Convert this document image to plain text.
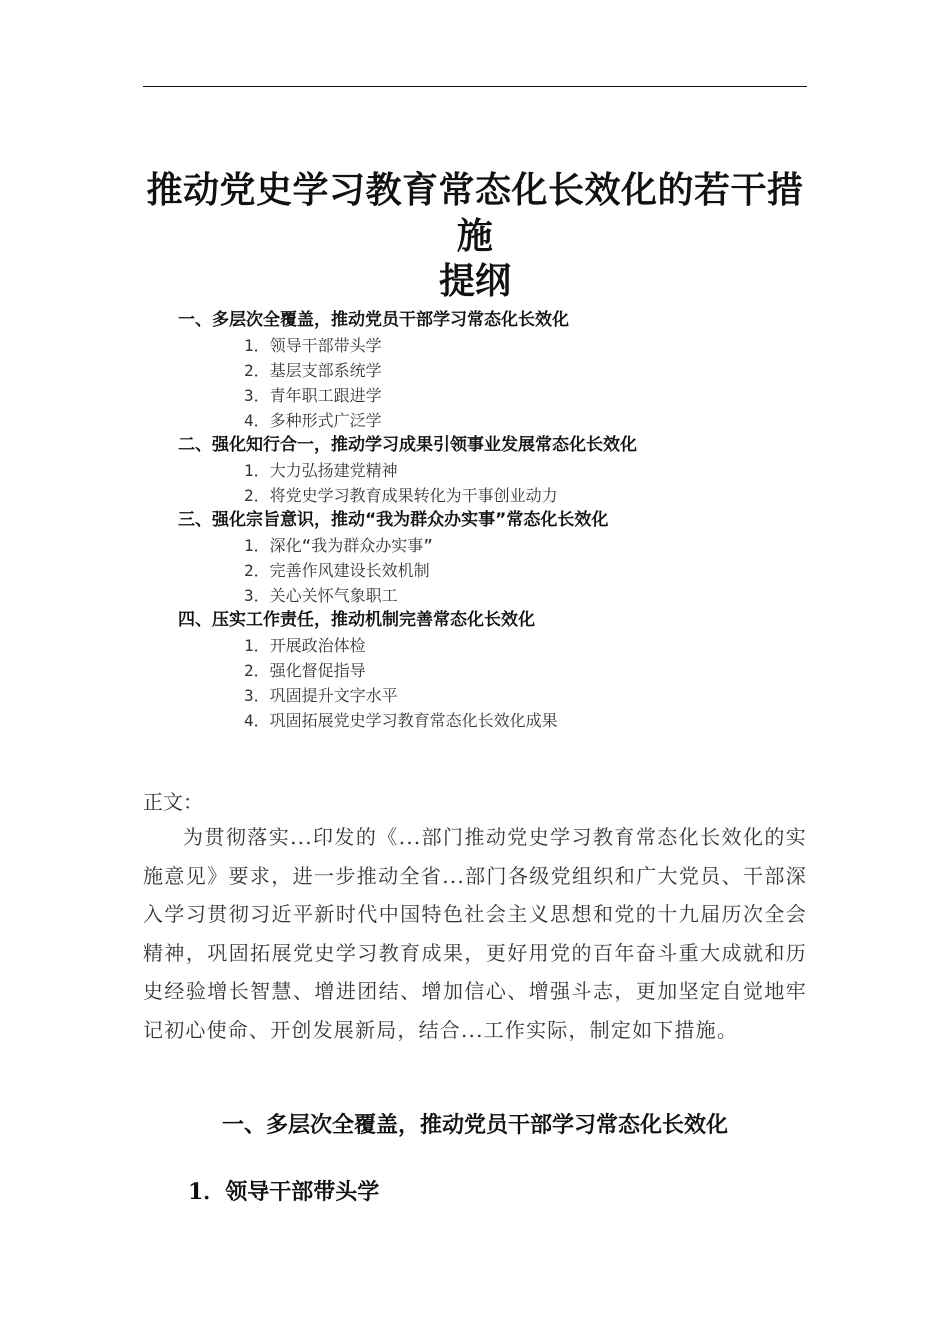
推动党史学习教育常态化长效化的若干措施
提纲
一、多层次全覆盖，推动党员干部学习常态化长效化
1．领导干部带头学
2．基层支部系统学
3．青年职工跟进学
4．多种形式广泛学
二、强化知行合一，推动学习成果引领事业发展常态化长效化
1．大力弘扬建党精神
2．将党史学习教育成果转化为干事创业动力
三、强化宗旨意识，推动“我为群众办实事”常态化长效化
1．深化“我为群众办实事”
2．完善作风建设长效机制
3．关心关怀气象职工
四、压实工作责任，推动机制完善常态化长效化
1．开展政治体检
2．强化督促指导
3．巩固提升文字水平
4．巩固拓展党史学习教育常态化长效化成果
正文：
为贯彻落实...印发的《...部门推动党史学习教育常态化长效化的实施意见》要求，进一步推动全省...部门各级党组织和广大党员、干部深入学习贯彻习近平新时代中国特色社会主义思想和党的十九届历次全会精神，巩固拓展党史学习教育成果，更好用党的百年奋斗重大成就和历史经验增长智慧、增进团结、增加信心、增强斗志，更加坚定自觉地牢记初心使命、开创发展新局，结合...工作实际，制定如下措施。
一、多层次全覆盖，推动党员干部学习常态化长效化
1．领导干部带头学
